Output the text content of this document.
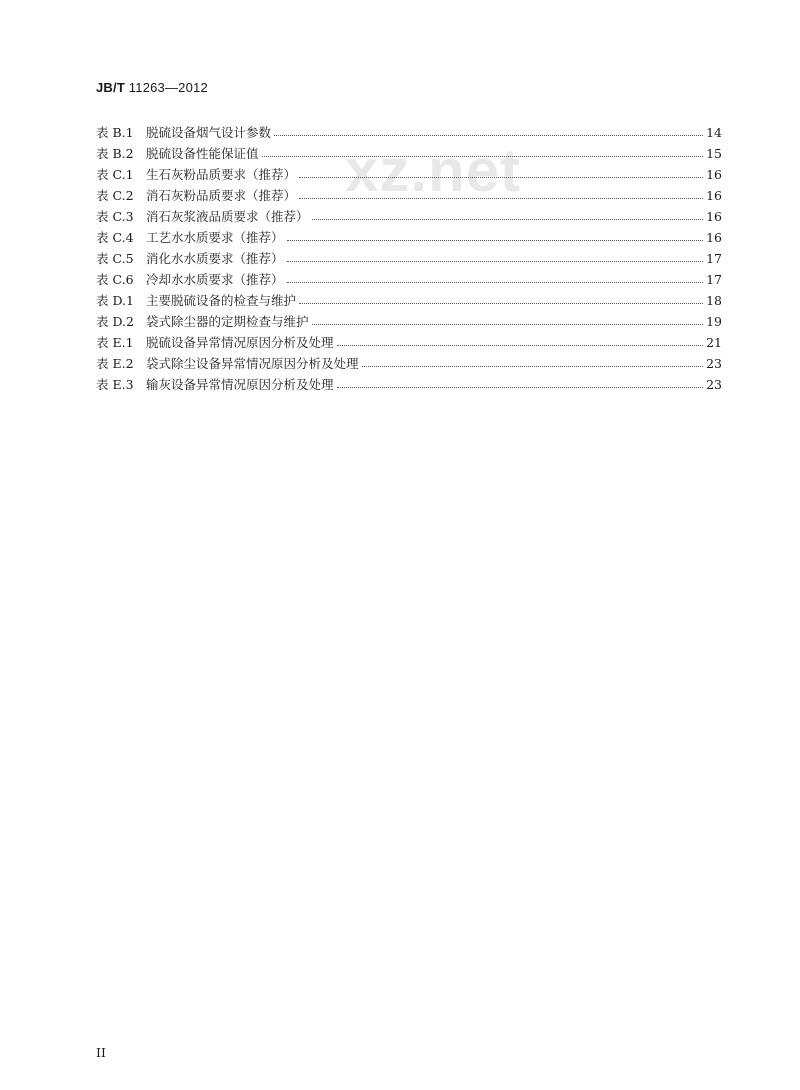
JB/T 11263—2012
xz.net
表 B.1 脱硫设备烟气设计参数	14
表 B.2 脱硫设备性能保证值	15
表 C.1 生石灰粉品质要求（推荐）	16
表 C.2 消石灰粉品质要求（推荐）	16
表 C.3 消石灰浆液品质要求（推荐）	16
表 C.4 工艺水水质要求（推荐）	16
表 C.5 消化水水质要求（推荐）	17
表 C.6 冷却水水质要求（推荐）	17
表 D.1 主要脱硫设备的检查与维护	18
表 D.2 袋式除尘器的定期检查与维护	19
表 E.1 脱硫设备异常情况原因分析及处理	21
表 E.2 袋式除尘设备异常情况原因分析及处理	23
表 E.3 输灰设备异常情况原因分析及处理	23
II
